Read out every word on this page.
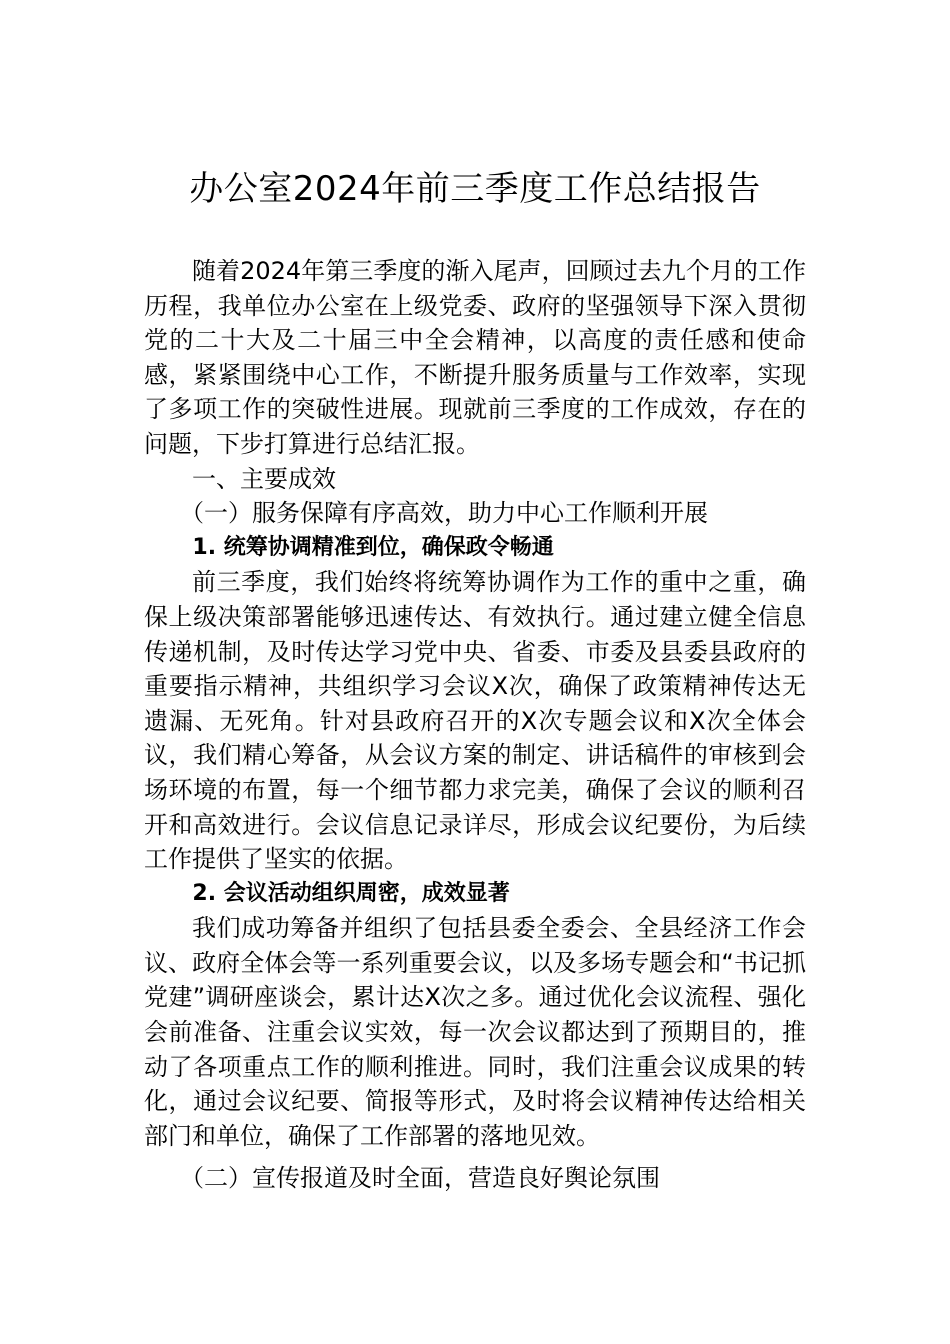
办公室2024年前三季度工作总结报告

随着2024年第三季度的渐入尾声，回顾过去九个月的工作历程，我单位办公室在上级党委、政府的坚强领导下深入贯彻党的二十大及二十届三中全会精神，以高度的责任感和使命感，紧紧围绕中心工作，不断提升服务质量与工作效率，实现了多项工作的突破性进展。现就前三季度的工作成效，存在的问题，下步打算进行总结汇报。

一、主要成效

（一）服务保障有序高效，助力中心工作顺利开展

1. 统筹协调精准到位，确保政令畅通

前三季度，我们始终将统筹协调作为工作的重中之重，确保上级决策部署能够迅速传达、有效执行。通过建立健全信息传递机制，及时传达学习党中央、省委、市委及县委县政府的重要指示精神，共组织学习会议X次，确保了政策精神传达无遗漏、无死角。针对县政府召开的X次专题会议和X次全体会议，我们精心筹备，从会议方案的制定、讲话稿件的审核到会场环境的布置，每一个细节都力求完美，确保了会议的顺利召开和高效进行。会议信息记录详尽，形成会议纪要份，为后续工作提供了坚实的依据。

2. 会议活动组织周密，成效显著

我们成功筹备并组织了包括县委全委会、全县经济工作会议、政府全体会等一系列重要会议，以及多场专题会和“书记抓党建”调研座谈会，累计达X次之多。通过优化会议流程、强化会前准备、注重会议实效，每一次会议都达到了预期目的，推动了各项重点工作的顺利推进。同时，我们注重会议成果的转化，通过会议纪要、简报等形式，及时将会议精神传达给相关部门和单位，确保了工作部署的落地见效。

（二）宣传报道及时全面，营造良好舆论氛围
